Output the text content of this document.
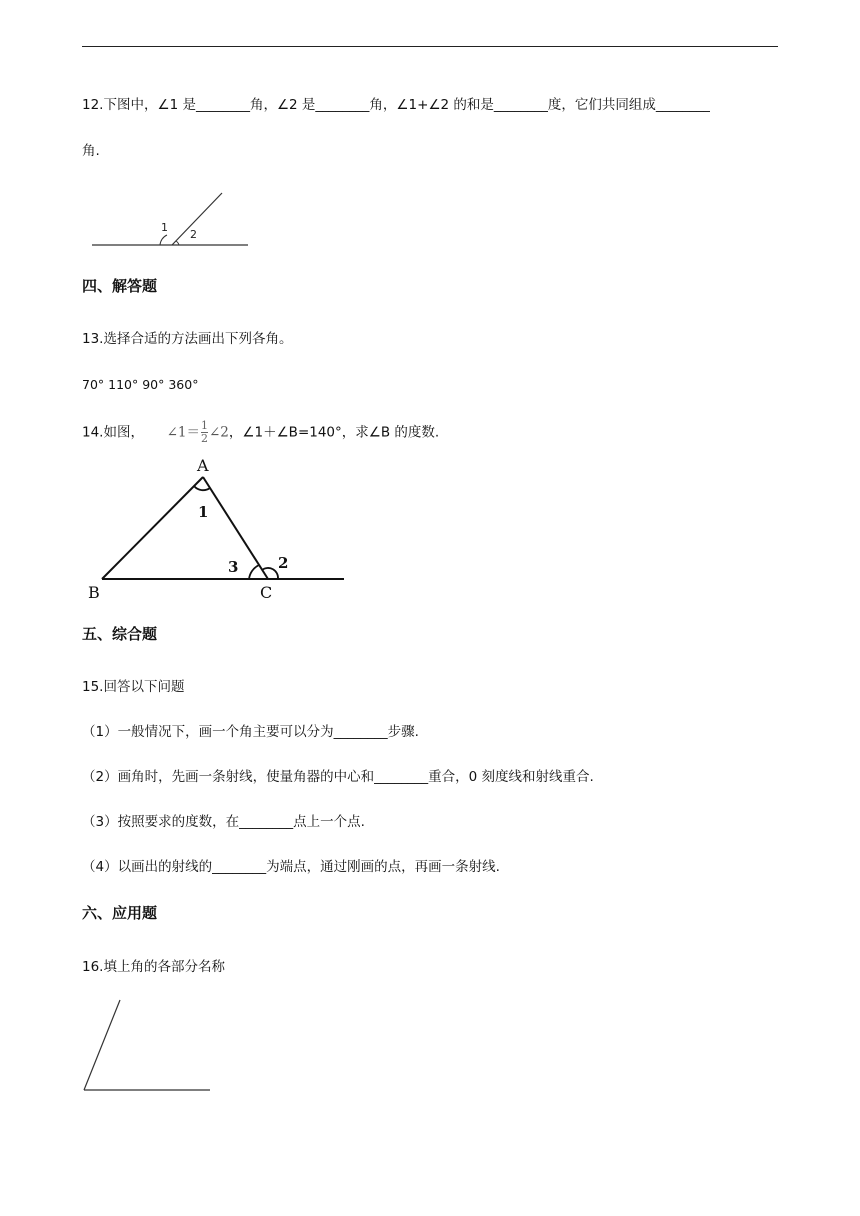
12.下图中，∠1 是________角，∠2 是________角，∠1+∠2 的和是________度，它们共同组成________
角.
1
2
四、解答题
13.选择合适的方法画出下列各角。
70° 110° 90° 360°
14.如图， ∠1＝ $\frac{1}{2}$ ∠2，∠1＋∠B=140°，求∠B 的度数.
A
1
3	2
B	C
五、综合题
15.回答以下问题
（1）一般情况下，画一个角主要可以分为________步骤.
（2）画角时，先画一条射线，使量角器的中心和________重合，0 刻度线和射线重合.
（3）按照要求的度数，在________点上一个点.
（4）以画出的射线的________为端点，通过刚画的点，再画一条射线.
六、应用题
16.填上角的各部分名称
